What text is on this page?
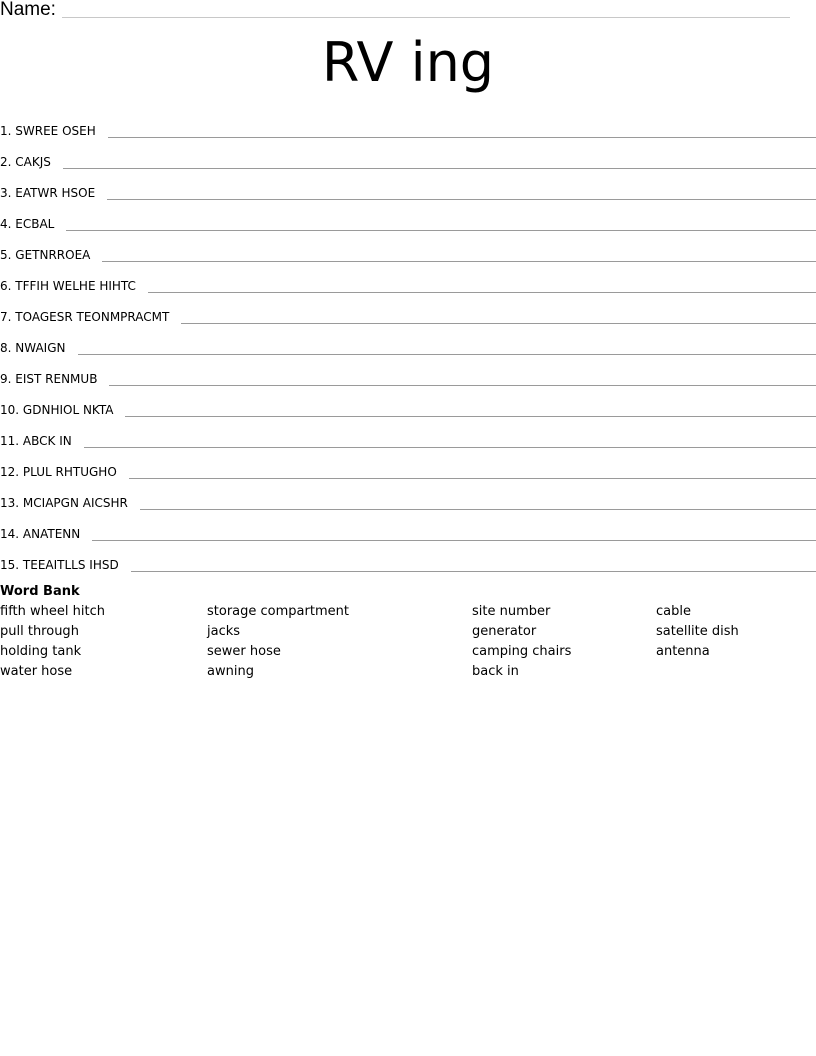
Name:
RV ing
1. SWREE OSEH
2. CAKJS
3. EATWR HSOE
4. ECBAL
5. GETNRROEA
6. TFFIH WELHE HIHTC
7. TOAGESR TEONMPRACMT
8. NWAIGN
9. EIST RENMUB
10. GDNHIOL NKTA
11. ABCK IN
12. PLUL RHTUGHO
13. MCIAPGN AICSHR
14. ANATENN
15. TEEAITLLS IHSD
Word Bank
fifth wheel hitch
pull through
holding tank
water hose
storage compartment
jacks
sewer hose
awning
site number
generator
camping chairs
back in
cable
satellite dish
antenna
